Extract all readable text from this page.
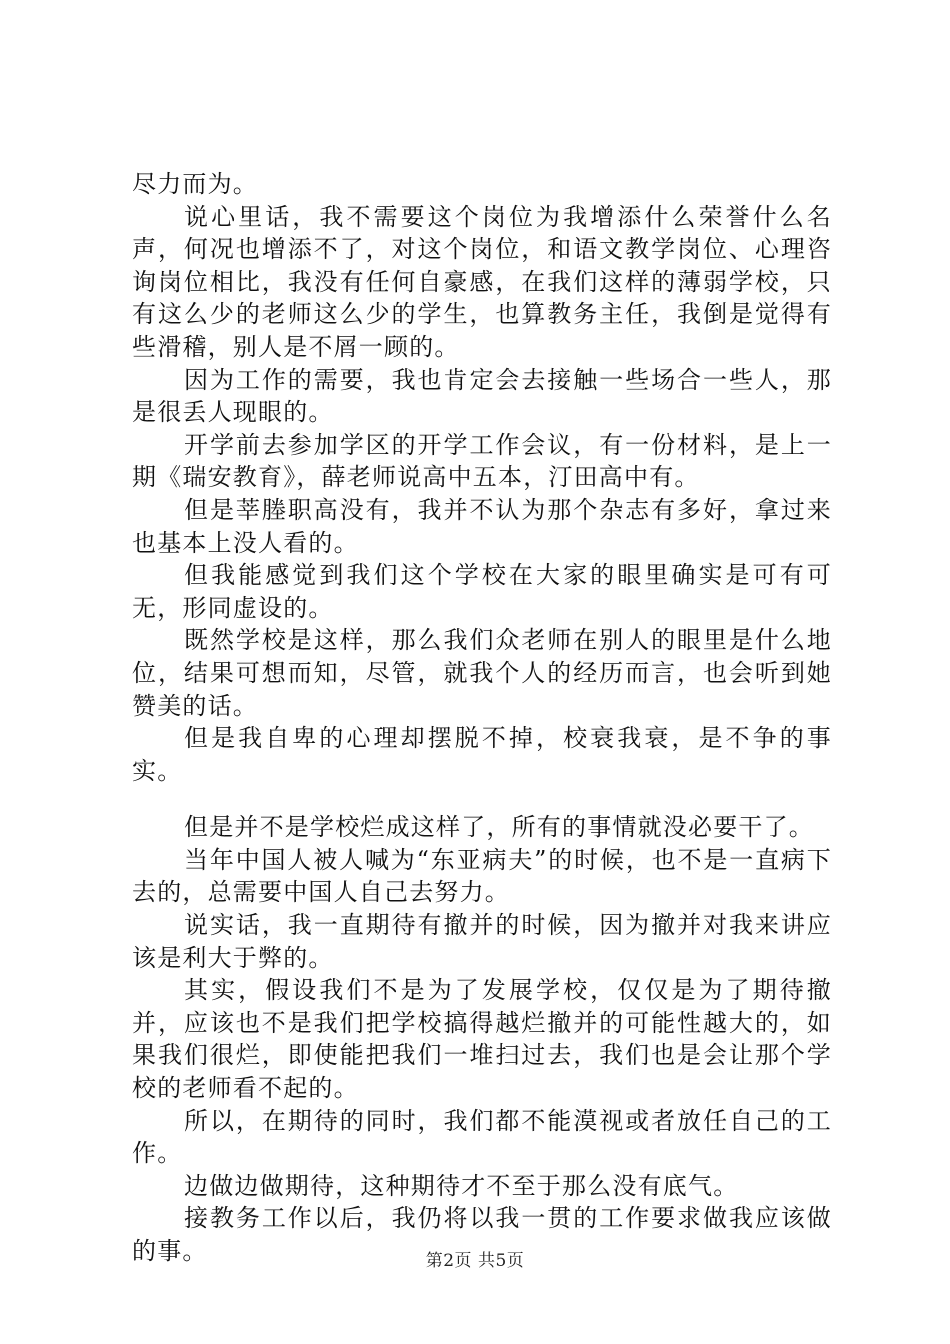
尽力而为。

说心里话，我不需要这个岗位为我增添什么荣誉什么名声，何况也增添不了，对这个岗位，和语文教学岗位、心理咨询岗位相比，我没有任何自豪感，在我们这样的薄弱学校，只有这么少的老师这么少的学生，也算教务主任，我倒是觉得有些滑稽，别人是不屑一顾的。

因为工作的需要，我也肯定会去接触一些场合一些人，那是很丢人现眼的。

开学前去参加学区的开学工作会议，有一份材料，是上一期《瑞安教育》，薛老师说高中五本，汀田高中有。

但是莘塍职高没有，我并不认为那个杂志有多好，拿过来也基本上没人看的。

但我能感觉到我们这个学校在大家的眼里确实是可有可无，形同虚设的。

既然学校是这样，那么我们众老师在别人的眼里是什么地位，结果可想而知，尽管，就我个人的经历而言，也会听到她赞美的话。

但是我自卑的心理却摆脱不掉，校衰我衰，是不争的事实。

但是并不是学校烂成这样了，所有的事情就没必要干了。

当年中国人被人喊为“东亚病夫”的时候，也不是一直病下去的，总需要中国人自己去努力。

说实话，我一直期待有撤并的时候，因为撤并对我来讲应该是利大于弊的。

其实，假设我们不是为了发展学校，仅仅是为了期待撤并，应该也不是我们把学校搞得越烂撤并的可能性越大的，如果我们很烂，即使能把我们一堆扫过去，我们也是会让那个学校的老师看不起的。

所以，在期待的同时，我们都不能漠视或者放任自己的工作。

边做边做期待，这种期待才不至于那么没有底气。

接教务工作以后，我仍将以我一贯的工作要求做我应该做的事。	第2页 共5页
